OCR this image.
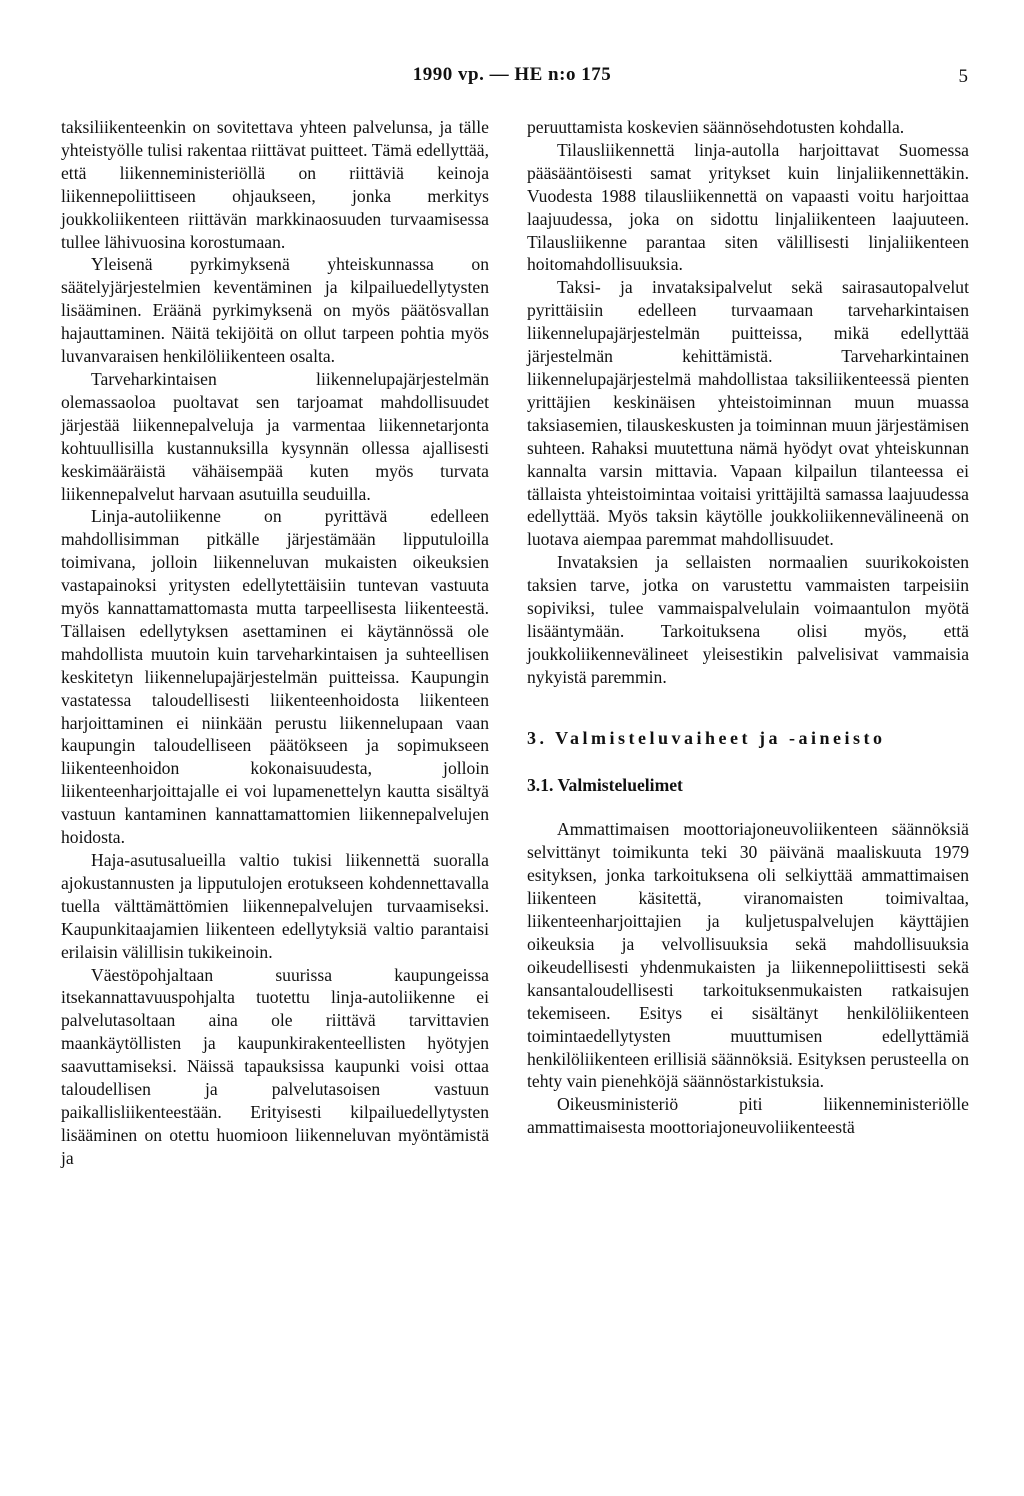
1990 vp. — HE n:o 175	5

taksiliikenteenkin on sovitettava yhteen palvelunsa, ja tälle yhteistyölle tulisi rakentaa riittävat puitteet. Tämä edellyttää, että liikenneministeriöllä on riittäviä keinoja liikennepoliittiseen ohjaukseen, jonka merkitys joukkoliikenteen riittävän markkinaosuuden turvaamisessa tullee lähivuosina korostumaan.

Yleisenä pyrkimyksenä yhteiskunnassa on säätelyjärjestelmien keventäminen ja kilpailuedellytysten lisääminen. Eräänä pyrkimyksenä on myös päätösvallan hajauttaminen. Näitä tekijöitä on ollut tarpeen pohtia myös luvanvaraisen henkilöliikenteen osalta.

Tarveharkintaisen liikennelupajärjestelmän olemassaoloa puoltavat sen tarjoamat mahdollisuudet järjestää liikennepalveluja ja varmentaa liikennetarjonta kohtuullisilla kustannuksilla kysynnän ollessa ajallisesti keskimääräistä vähäisempää kuten myös turvata liikennepalvelut harvaan asutuilla seuduilla.

Linja-autoliikenne on pyrittävä edelleen mahdollisimman pitkälle järjestämään lipputuloilla toimivana, jolloin liikenneluvan mukaisten oikeuksien vastapainoksi yritysten edellytettäisiin tuntevan vastuuta myös kannattamattomasta mutta tarpeellisesta liikenteestä. Tällaisen edellytyksen asettaminen ei käytännössä ole mahdollista muutoin kuin tarveharkintaisen ja suhteellisen keskitetyn liikennelupajärjestelmän puitteissa. Kaupungin vastatessa taloudellisesti liikenteenhoidosta liikenteen harjoittaminen ei niinkään perustu liikennelupaan vaan kaupungin taloudelliseen päätökseen ja sopimukseen liikenteenhoidon kokonaisuudesta, jolloin liikenteenharjoittajalle ei voi lupamenettelyn kautta sisältyä vastuun kantaminen kannattamattomien liikennepalvelujen hoidosta.

Haja-asutusalueilla valtio tukisi liikennettä suoralla ajokustannusten ja lipputulojen erotukseen kohdennettavalla tuella välttämättömien liikennepalvelujen turvaamiseksi. Kaupunkitaajamien liikenteen edellytyksiä valtio parantaisi erilaisin välillisin tukikeinoin.

Väestöpohjaltaan suurissa kaupungeissa itsekannattavuuspohjalta tuotettu linja-autoliikenne ei palvelutasoltaan aina ole riittävä tarvittavien maankäytöllisten ja kaupunkirakenteellisten hyötyjen saavuttamiseksi. Näissä tapauksissa kaupunki voisi ottaa taloudellisen ja palvelutasoisen vastuun paikallisliikenteestään. Erityisesti kilpailuedellytysten lisääminen on otettu huomioon liikenneluvan myöntämistä ja

peruuttamista koskevien säännösehdotusten kohdalla.

Tilausliikennettä linja-autolla harjoittavat Suomessa pääsääntöisesti samat yritykset kuin linjaliikennettäkin. Vuodesta 1988 tilausliikennettä on vapaasti voitu harjoittaa laajuudessa, joka on sidottu linjaliikenteen laajuuteen. Tilausliikenne parantaa siten välillisesti linjaliikenteen hoitomahdollisuuksia.

Taksi- ja invataksipalvelut sekä sairasautopalvelut pyrittäisiin edelleen turvaamaan tarveharkintaisen liikennelupajärjestelmän puitteissa, mikä edellyttää järjestelmän kehittämistä. Tarveharkintainen liikennelupajärjestelmä mahdollistaa taksiliikenteessä pienten yrittäjien keskinäisen yhteistoiminnan muun muassa taksiasemien, tilauskeskusten ja toiminnan muun järjestämisen suhteen. Rahaksi muutettuna nämä hyödyt ovat yhteiskunnan kannalta varsin mittavia. Vapaan kilpailun tilanteessa ei tällaista yhteistoimintaa voitaisi yrittäjiltä samassa laajuudessa edellyttää. Myös taksin käytölle joukkoliikennevälineenä on luotava aiempaa paremmat mahdollisuudet.

Invataksien ja sellaisten normaalien suurikokoisten taksien tarve, jotka on varustettu vammaisten tarpeisiin sopiviksi, tulee vammaispalvelulain voimaantulon myötä lisääntymään. Tarkoituksena olisi myös, että joukkoliikennevälineet yleisestikin palvelisivat vammaisia nykyistä paremmin.

3. Valmisteluvaiheet ja -aineisto
3.1. Valmisteluelimet

Ammattimaisen moottoriajoneuvoliikenteen säännöksiä selvittänyt toimikunta teki 30 päivänä maaliskuuta 1979 esityksen, jonka tarkoituksena oli selkiyttää ammattimaisen liikenteen käsitettä, viranomaisten toimivaltaa, liikenteenharjoittajien ja kuljetuspalvelujen käyttäjien oikeuksia ja velvollisuuksia sekä mahdollisuuksia oikeudellisesti yhdenmukaisten ja liikennepoliittisesti sekä kansantaloudellisesti tarkoituksenmukaisten ratkaisujen tekemiseen. Esitys ei sisältänyt henkilöliikenteen toimintaedellytysten muuttumisen edellyttämiä henkilöliikenteen erillisiä säännöksiä. Esityksen perusteella on tehty vain pienehköjä säännöstarkistuksia.

Oikeusministeriö piti liikenneministeriölle ammattimaisesta moottoriajoneuvoliikenteestä
